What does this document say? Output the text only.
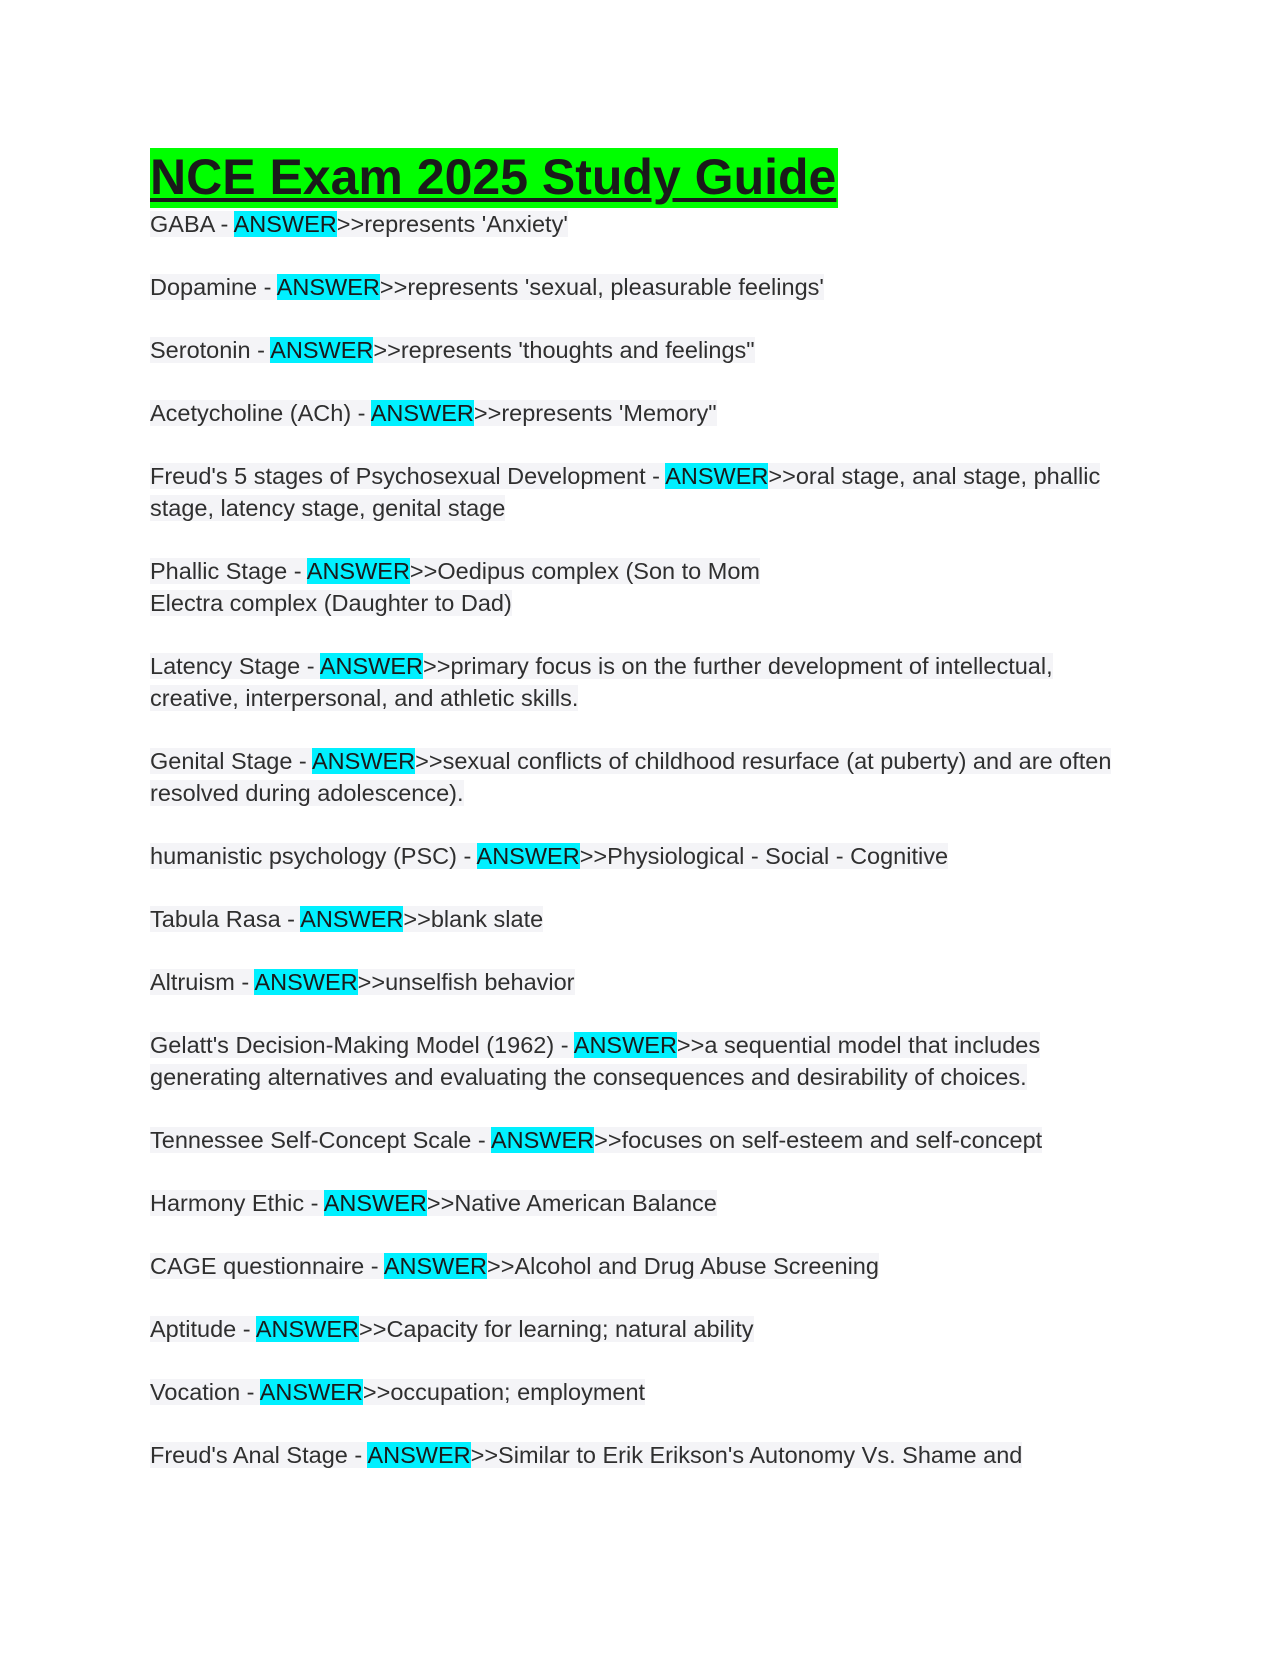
NCE Exam 2025 Study Guide
GABA - ANSWER>>represents 'Anxiety'
Dopamine - ANSWER>>represents 'sexual, pleasurable feelings'
Serotonin - ANSWER>>represents 'thoughts and feelings"
Acetycholine (ACh) - ANSWER>>represents 'Memory"
Freud's 5 stages of Psychosexual Development - ANSWER>>oral stage, anal stage, phallic stage, latency stage, genital stage
Phallic Stage - ANSWER>>Oedipus complex (Son to Mom
Electra complex (Daughter to Dad)
Latency Stage - ANSWER>>primary focus is on the further development of intellectual, creative, interpersonal, and athletic skills.
Genital Stage - ANSWER>>sexual conflicts of childhood resurface (at puberty) and are often resolved during adolescence).
humanistic psychology (PSC) - ANSWER>>Physiological - Social - Cognitive
Tabula Rasa - ANSWER>>blank slate
Altruism - ANSWER>>unselfish behavior
Gelatt's Decision-Making Model (1962) - ANSWER>>a sequential model that includes generating alternatives and evaluating the consequences and desirability of choices.
Tennessee Self-Concept Scale - ANSWER>>focuses on self-esteem and self-concept
Harmony Ethic - ANSWER>>Native American Balance
CAGE questionnaire - ANSWER>>Alcohol and Drug Abuse Screening
Aptitude - ANSWER>>Capacity for learning; natural ability
Vocation - ANSWER>>occupation; employment
Freud's Anal Stage - ANSWER>>Similar to Erik Erikson's Autonomy Vs. Shame and
